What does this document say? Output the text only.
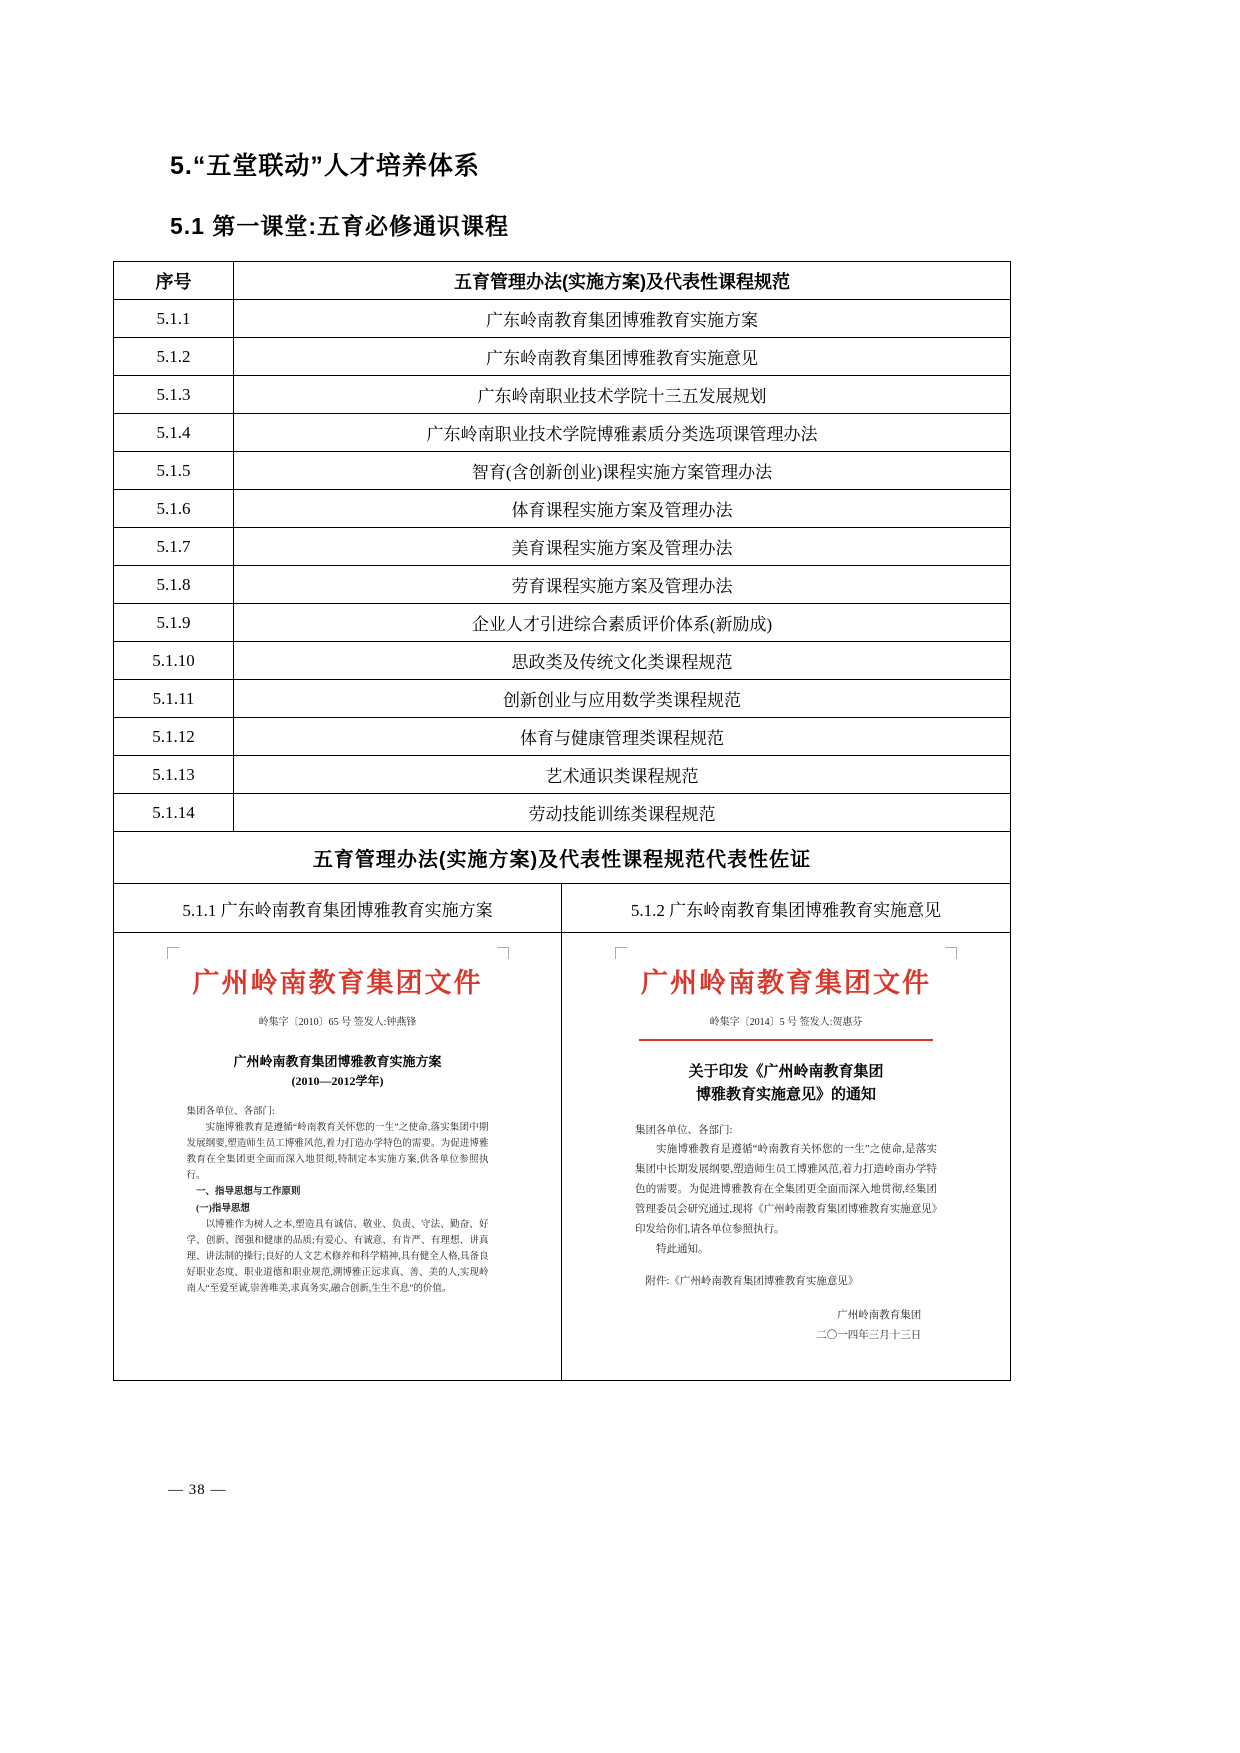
5.“五堂联动”人才培养体系
5.1 第一课堂:五育必修通识课程
序号	五育管理办法(实施方案)及代表性课程规范
5.1.1	广东岭南教育集团博雅教育实施方案
5.1.2	广东岭南教育集团博雅教育实施意见
5.1.3	广东岭南职业技术学院十三五发展规划
5.1.4	广东岭南职业技术学院博雅素质分类选项课管理办法
5.1.5	智育(含创新创业)课程实施方案管理办法
5.1.6	体育课程实施方案及管理办法
5.1.7	美育课程实施方案及管理办法
5.1.8	劳育课程实施方案及管理办法
5.1.9	企业人才引进综合素质评价体系(新励成)
5.1.10	思政类及传统文化类课程规范
5.1.11	创新创业与应用数学类课程规范
5.1.12	体育与健康管理类课程规范
5.1.13	艺术通识类课程规范
5.1.14	劳动技能训练类课程规范
五育管理办法(实施方案)及代表性课程规范代表性佐证	

5.1.1 广东岭南教育集团博雅教育实施方案 5.1.2 广东岭南教育集团博雅教育实施意见	

广州岭南教育集团文件
岭集字〔2010〕65 号 签发人:钟燕锋
广州岭南教育集团博雅教育实施方案
(2010—2012学年)

集团各单位、各部门:

实施博雅教育是遵循“岭南教育关怀您的一生”之使命,落实集团中期发展纲要,塑造师生员工博雅风范,着力打造办学特色的需要。为促进博雅教育在全集团更全面而深入地贯彻,特制定本实施方案,供各单位参照执行。

一、指导思想与工作原则

(一)指导思想

以博雅作为树人之本,塑造具有诚信、敬业、负责、守法、勤奋、好学、创新、图强和健康的品质;有爱心、有诚意、有肯严、有理想、讲真理、讲法制的操行;良好的人文艺术修养和科学精神,具有健全人格,具备良好职业态度、职业道德和职业规范,溯博雅正远求真、善、美的人,实现岭南人“至爱至诚,崇善唯美,求真务实,融合创新,生生不息”的价值。

广州岭南教育集团文件
岭集字〔2014〕5 号 签发人:贺惠芬
关于印发《广州岭南教育集团
博雅教育实施意见》的通知

集团各单位、各部门:

实施博雅教育是遵循“岭南教育关怀您的一生”之使命,是落实集团中长期发展纲要,塑造师生员工博雅风范,着力打造岭南办学特色的需要。为促进博雅教育在全集团更全面而深入地贯彻,经集团管理委员会研究通过,现将《广州岭南教育集团博雅教育实施意见》印发给你们,请各单位参照执行。

特此通知。

附件:《广州岭南教育集团博雅教育实施意见》

广州岭南教育集团

二〇一四年三月十三日

— 38 —
